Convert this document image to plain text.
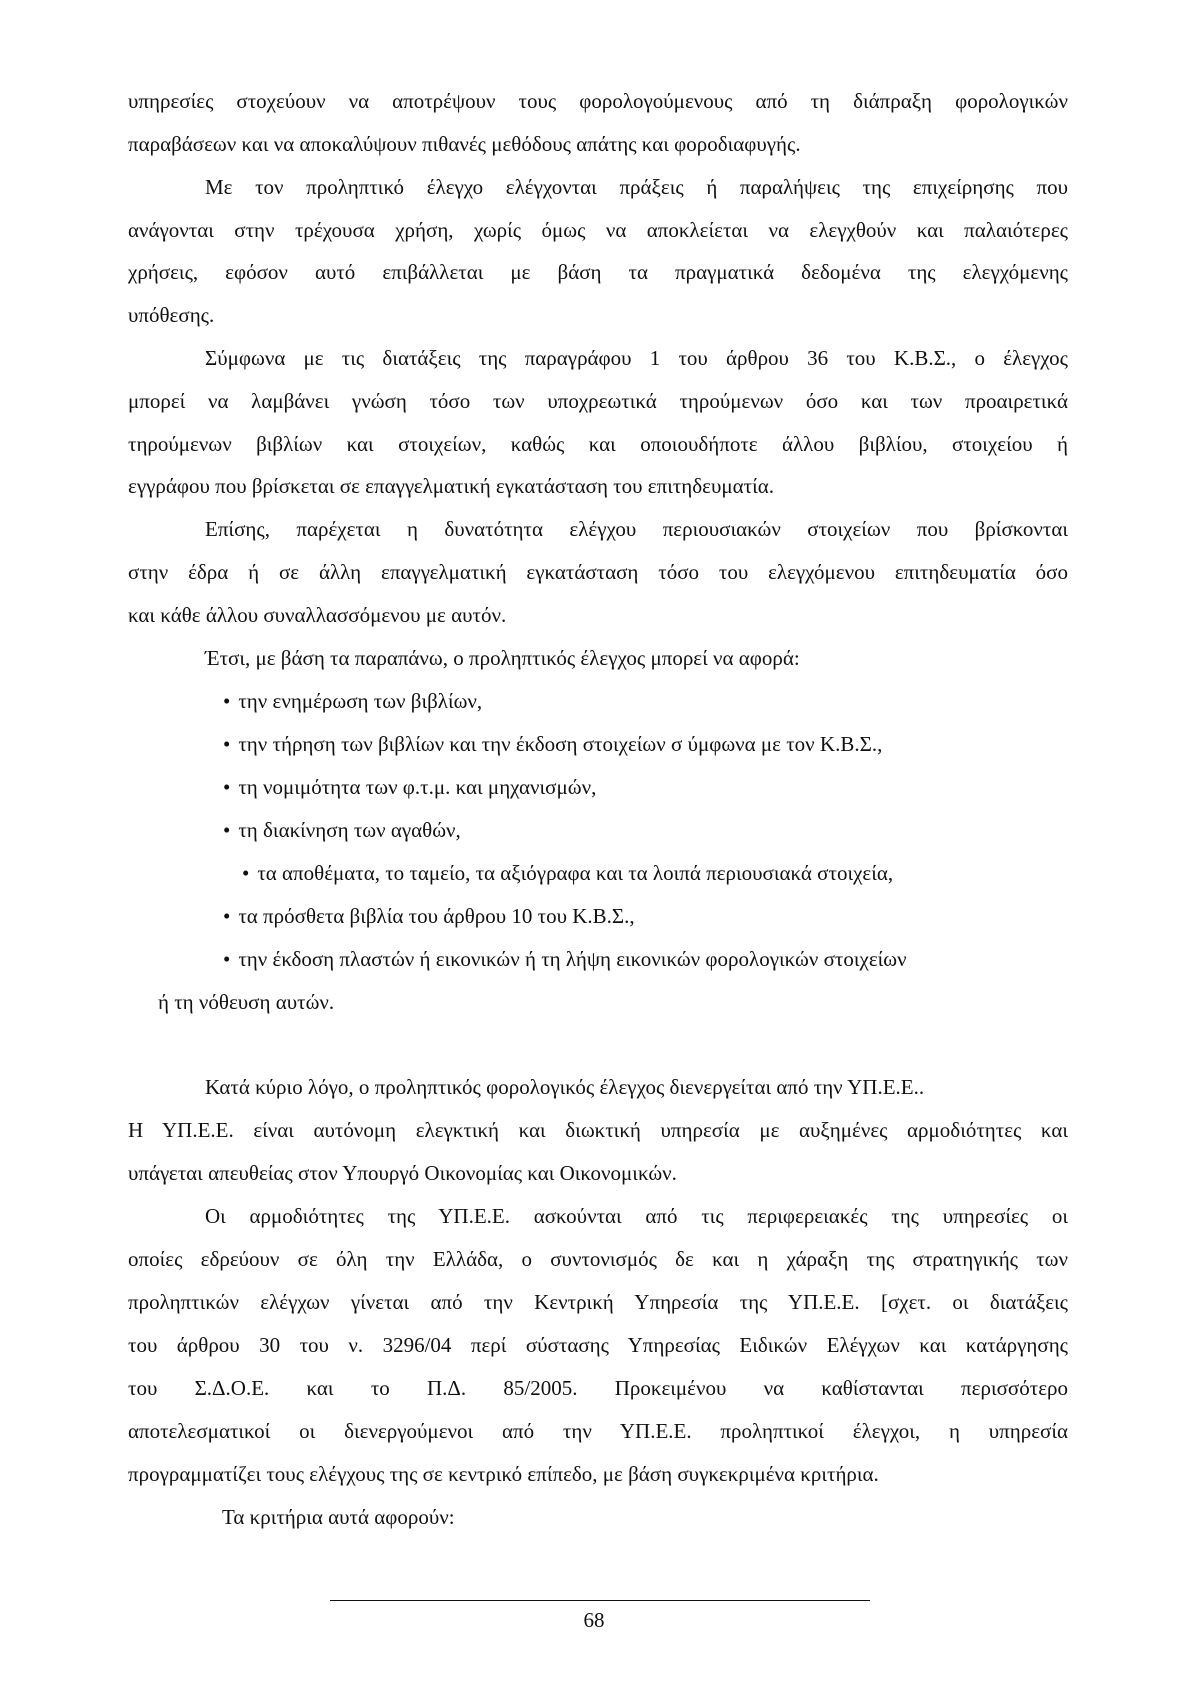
υπηρεσίες στοχεύουν να αποτρέψουν τους φορολογούμενους από τη διάπραξη φορολογικών

παραβάσεων και να αποκαλύψουν πιθανές μεθόδους απάτης και φοροδιαφυγής.

Με τον προληπτικό έλεγχο ελέγχονται πράξεις ή παραλήψεις της επιχείρησης που

ανάγονται στην τρέχουσα χρήση, χωρίς όμως να αποκλείεται να ελεγχθούν και παλαιότερες

χρήσεις, εφόσον αυτό επιβάλλεται με βάση τα πραγματικά δεδομένα της ελεγχόμενης

υπόθεσης.

Σύμφωνα με τις διατάξεις της παραγράφου 1 του άρθρου 36 του Κ.Β.Σ., ο έλεγχος

μπορεί να λαμβάνει γνώση τόσο των υποχρεωτικά τηρούμενων όσο και των προαιρετικά

τηρούμενων βιβλίων και στοιχείων, καθώς και οποιουδήποτε άλλου βιβλίου, στοιχείου ή

εγγράφου που βρίσκεται σε επαγγελματική εγκατάσταση του επιτηδευματία.

Επίσης, παρέχεται η δυνατότητα ελέγχου περιουσιακών στοιχείων που βρίσκονται

στην έδρα ή σε άλλη επαγγελματική εγκατάσταση τόσο του ελεγχόμενου επιτηδευματία όσο

και κάθε άλλου συναλλασσόμενου με αυτόν.

Έτσι, με βάση τα παραπάνω, ο προληπτικός έλεγχος μπορεί να αφορά:

• την ενημέρωση των βιβλίων,
• την τήρηση των βιβλίων και την έκδοση στοιχείων σ ύμφωνα με τον Κ.Β.Σ.,
• τη νομιμότητα των φ.τ.μ. και μηχανισμών,
• τη διακίνηση των αγαθών,
• τα αποθέματα, το ταμείο, τα αξιόγραφα και τα λοιπά περιουσιακά στοιχεία,
• τα πρόσθετα βιβλία του άρθρου 10 του Κ.Β.Σ.,
• την έκδοση πλαστών ή εικονικών ή τη λήψη εικονικών φορολογικών στοιχείων

ή τη νόθευση αυτών.

Κατά κύριο λόγο, ο προληπτικός φορολογικός έλεγχος διενεργείται από την ΥΠ.Ε.Ε..

Η ΥΠ.Ε.Ε. είναι αυτόνομη ελεγκτική και διωκτική υπηρεσία με αυξημένες αρμοδιότητες και

υπάγεται απευθείας στον Υπουργό Οικονομίας και Οικονομικών.

Οι αρμοδιότητες της ΥΠ.Ε.Ε. ασκούνται από τις περιφερειακές της υπηρεσίες οι

οποίες εδρεύουν σε όλη την Ελλάδα, ο συντονισμός δε και η χάραξη της στρατηγικής των

προληπτικών ελέγχων γίνεται από την Κεντρική Υπηρεσία της ΥΠ.Ε.Ε. [σχετ. οι διατάξεις

του άρθρου 30 του ν. 3296/04 περί σύστασης Υπηρεσίας Ειδικών Ελέγχων και κατάργησης

του Σ.Δ.Ο.Ε. και το Π.Δ. 85/2005. Προκειμένου να καθίστανται περισσότερο

αποτελεσματικοί οι διενεργούμενοι από την ΥΠ.Ε.Ε. προληπτικοί έλεγχοι, η υπηρεσία

προγραμματίζει τους ελέγχους της σε κεντρικό επίπεδο, με βάση συγκεκριμένα κριτήρια.

Τα κριτήρια αυτά αφορούν:

68
